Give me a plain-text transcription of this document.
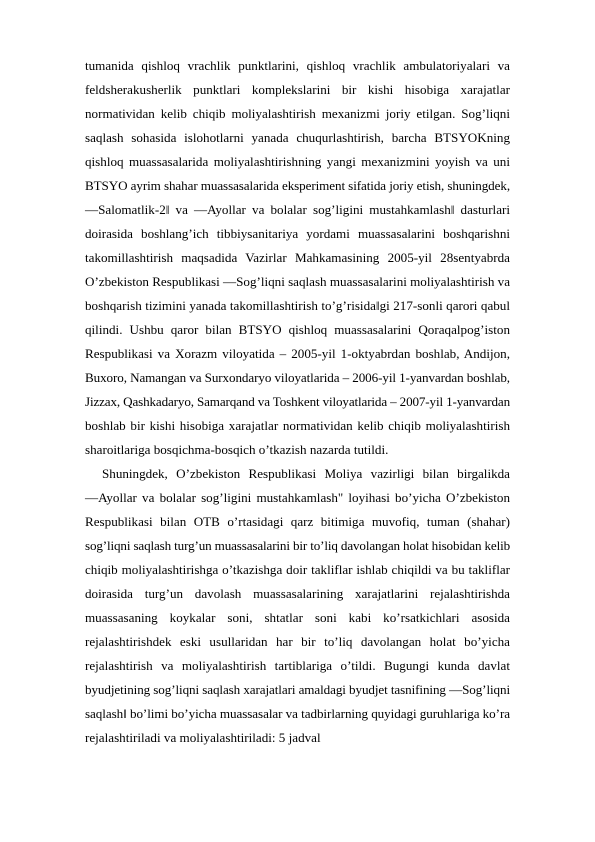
tumanida qishloq vrachlik punktlarini, qishloq vrachlik ambulatoriyalari va
feldsherakusherlik punktlari komplekslarini bir kishi hisobiga xarajatlar
normatividan kelib chiqib moliyalashtirish mexanizmi joriy etilgan. Sog’liqni
saqlash sohasida islohotlarni yanada chuqurlashtirish, barcha BTSYOKning
qishloq muassasalarida moliyalashtirishning yangi mexanizmini yoyish va uni
BTSYO ayrim shahar muassasalarida eksperiment sifatida joriy etish, shuningdek,
―Salomatlik-2‖ va ―Ayollar va bolalar sog’ligini mustahkamlash‖ dasturlari
doirasida boshlang’ich tibbiysanitariya yordami muassasalarini boshqarishni
takomillashtirish maqsadida Vazirlar Mahkamasining 2005-yil 28sentyabrda
O’zbekiston Respublikasi ―Sog’liqni saqlash muassasalarini moliyalashtirish va
boshqarish tizimini yanada takomillashtirish to’g’risida‖gi 217-sonli qarori qabul
qilindi. Ushbu qaror bilan BTSYO qishloq muassasalarini Qoraqalpog’iston
Respublikasi va Xorazm viloyatida – 2005-yil 1-oktyabrdan boshlab, Andijon,
Buxoro, Namangan va Surxondaryo viloyatlarida – 2006-yil 1-yanvardan boshlab,
Jizzax, Qashkadaryo, Samarqand va Toshkent viloyatlarida – 2007-yil 1-yanvardan
boshlab bir kishi hisobiga xarajatlar normatividan kelib chiqib moliyalashtirish
sharoitlariga bosqichma-bosqich o’tkazish nazarda tutildi.
Shuningdek, O’zbekiston Respublikasi Moliya vazirligi bilan birgalikda
―Ayollar va bolalar sog’ligini mustahkamlash" loyihasi bo’yicha O’zbekiston
Respublikasi bilan OTB o’rtasidagi qarz bitimiga muvofiq, tuman (shahar)
sog’liqni saqlash turg’un muassasalarini bir to’liq davolangan holat hisobidan kelib
chiqib moliyalashtirishga o’tkazishga doir takliflar ishlab chiqildi va bu takliflar
doirasida turg’un davolash muassasalarining xarajatlarini rejalashtirishda
muassasaning koykalar soni, shtatlar soni kabi ko’rsatkichlari asosida
rejalashtirishdek eski usullaridan har bir to’liq davolangan holat bo’yicha
rejalashtirish va moliyalashtirish tartiblariga o’tildi. Bugungi kunda davlat
byudjetining sog’liqni saqlash xarajatlari amaldagi byudjet tasnifining ―Sog’liqni
saqlash‖ bo’limi bo’yicha muassasalar va tadbirlarning quyidagi guruhlariga ko’ra
rejalashtiriladi va moliyalashtiriladi: 5 jadval
